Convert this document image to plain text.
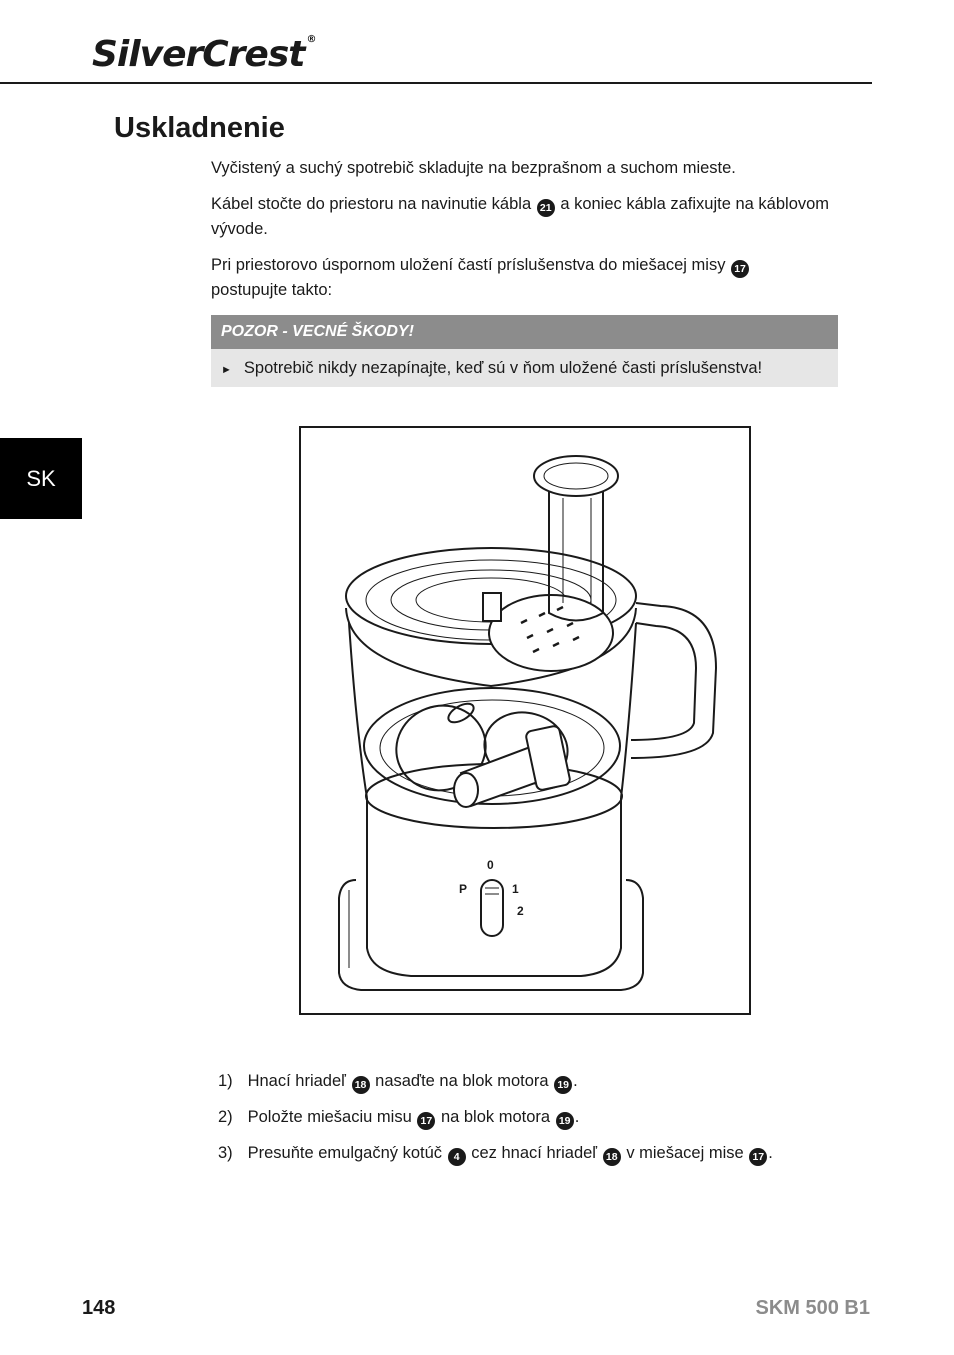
SilverCrest ®
Uskladnenie

Vyčistený a suchý spotrebič skladujte na bezprašnom a suchom mieste.

Kábel stočte do priestoru na navinutie kábla 21 a koniec kábla zafixujte na káblovom vývode.

Pri priestorovo úspornom uložení častí príslušenstva do miešacej misy 17
postupujte takto:

POZOR - VECNÉ ŠKODY!
► Spotrebič nikdy nezapínajte, keď sú v ňom uložené časti príslušenstva!
SK
0
P	1
2
1) Hnací hriadeľ 18 nasaďte na blok motora 19 .
2) Položte miešaciu misu 17 na blok motora 19 .
3) Presuňte emulgačný kotúč 4 cez hnací hriadeľ 18 v miešacej mise 17 .
148	SKM 500 B1
